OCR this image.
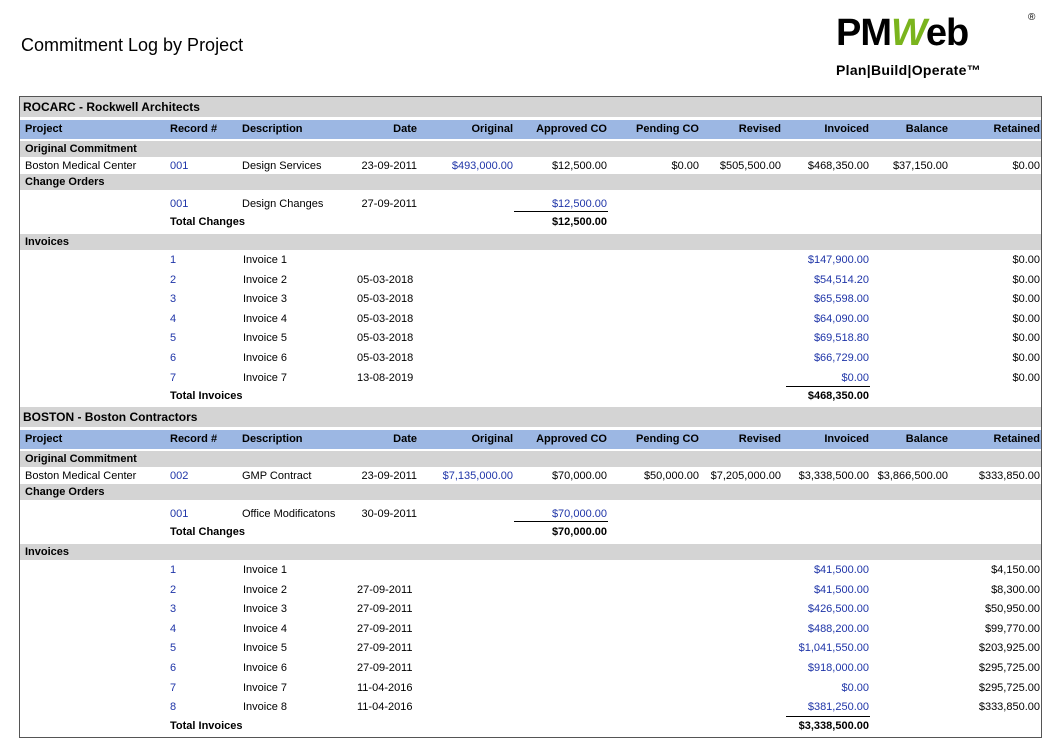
Commitment Log by Project	PMWeb	®
Plan|Build|Operate™
ROCARC - Rockwell Architects
Project	Record # Description	Date	Original Approved CO	Pending CO	Revised	Invoiced	Balance	Retained
Original Commitment
Boston Medical Center	001	Design Services	23-09-2011	$493,000.00	$12,500.00	$0.00 $505,500.00 $468,350.00 $37,150.00	$0.00
Change Orders
001	Design Changes	27-09-2011	$12,500.00
Total Changes	$12,500.00
Invoices
1	Invoice 1	$147,900.00	$0.00
2	Invoice 2	05-03-2018	$54,514.20	$0.00
3	Invoice 3	05-03-2018	$65,598.00	$0.00
4	Invoice 4	05-03-2018	$64,090.00	$0.00
5	Invoice 5	05-03-2018	$69,518.80	$0.00
6	Invoice 6	05-03-2018	$66,729.00	$0.00
7	Invoice 7	13-08-2019	$0.00	$0.00
Total Invoices	$468,350.00
BOSTON - Boston Contractors
Project	Record # Description	Date	Original Approved CO	Pending CO	Revised	Invoiced	Balance	Retained
Original Commitment
Boston Medical Center	002	GMP Contract	23-09-2011 $7,135,000.00	$70,000.00	$50,000.00 $7,205,000.00 $3,338,500.00 $3,866,500.00	$333,850.00
Change Orders
001	Office Modificatons 30-09-2011	$70,000.00
Total Changes	$70,000.00
Invoices
1	Invoice 1	$41,500.00	$4,150.00
2	Invoice 2	27-09-2011	$41,500.00	$8,300.00
3	Invoice 3	27-09-2011	$426,500.00	$50,950.00
4	Invoice 4	27-09-2011	$488,200.00	$99,770.00
5	Invoice 5	27-09-2011	$1,041,550.00	$203,925.00
6	Invoice 6	27-09-2011	$918,000.00	$295,725.00
7	Invoice 7	11-04-2016	$0.00	$295,725.00
8	Invoice 8	11-04-2016	$381,250.00	$333,850.00
Total Invoices	$3,338,500.00
